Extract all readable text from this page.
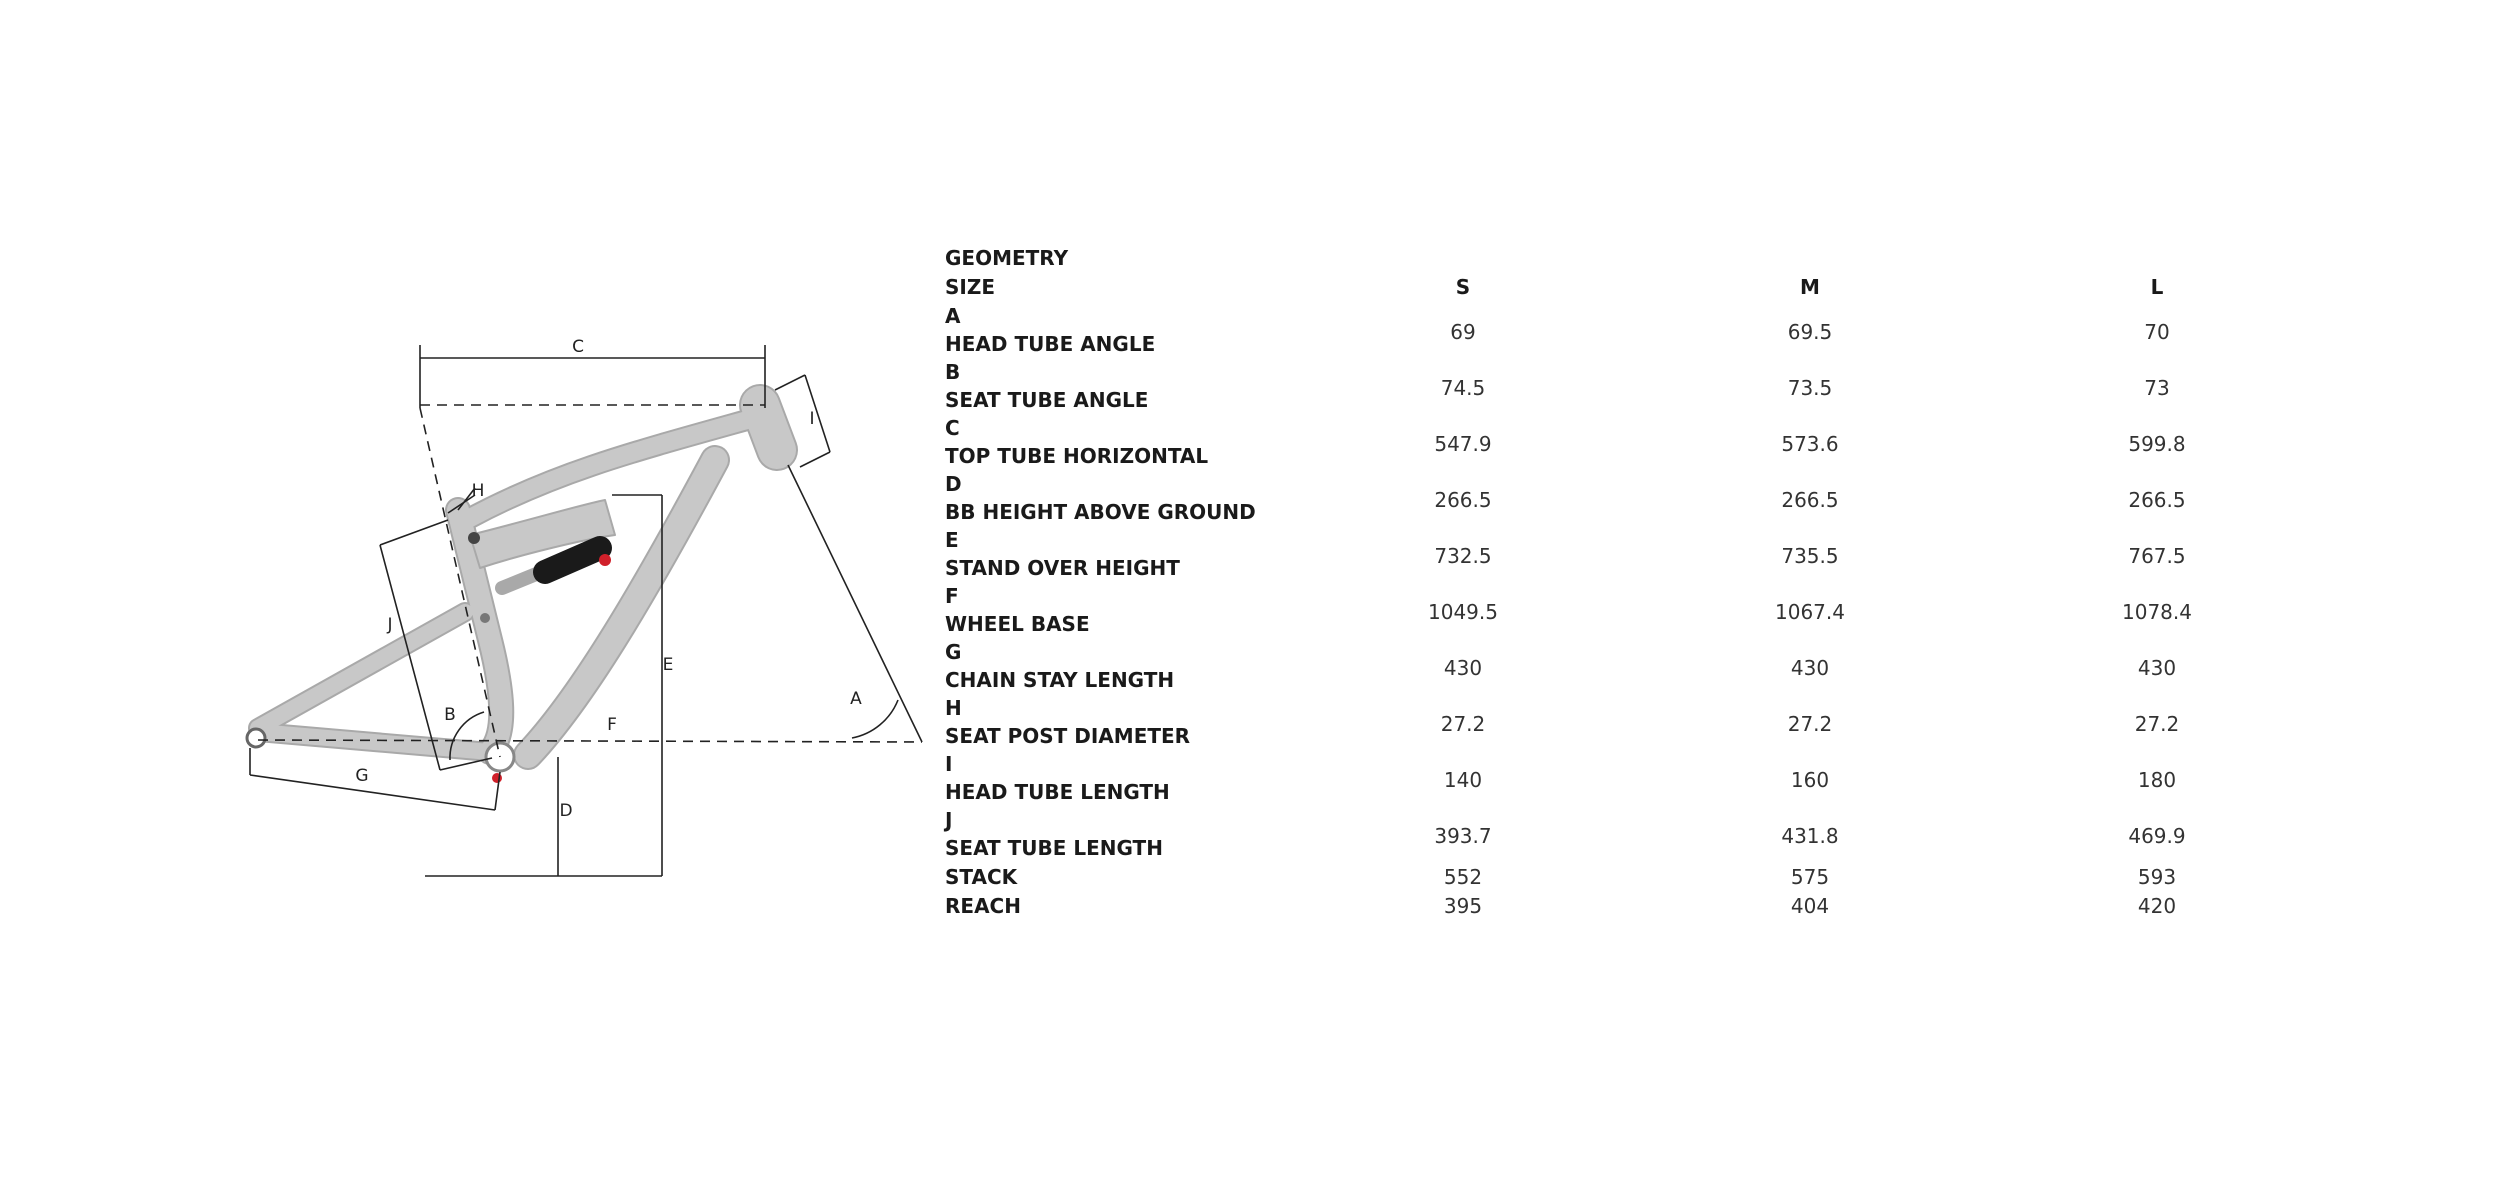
C
I
H
J
E
A
B	F
G
D
GEOMETRY
SIZE	S	M	L
A
HEAD TUBE ANGLE	69	69.5	70
B
SEAT TUBE ANGLE	74.5	73.5	73
C
TOP TUBE HORIZONTAL	547.9	573.6	599.8
D
BB HEIGHT ABOVE GROUND	266.5	266.5	266.5
E
STAND OVER HEIGHT	732.5	735.5	767.5
F
WHEEL BASE	1049.5	1067.4	1078.4
G
CHAIN STAY LENGTH	430	430	430
H
SEAT POST DIAMETER	27.2	27.2	27.2
I
HEAD TUBE LENGTH	140	160	180
J
SEAT TUBE LENGTH	393.7	431.8	469.9
STACK	552	575	593
REACH	395	404	420
